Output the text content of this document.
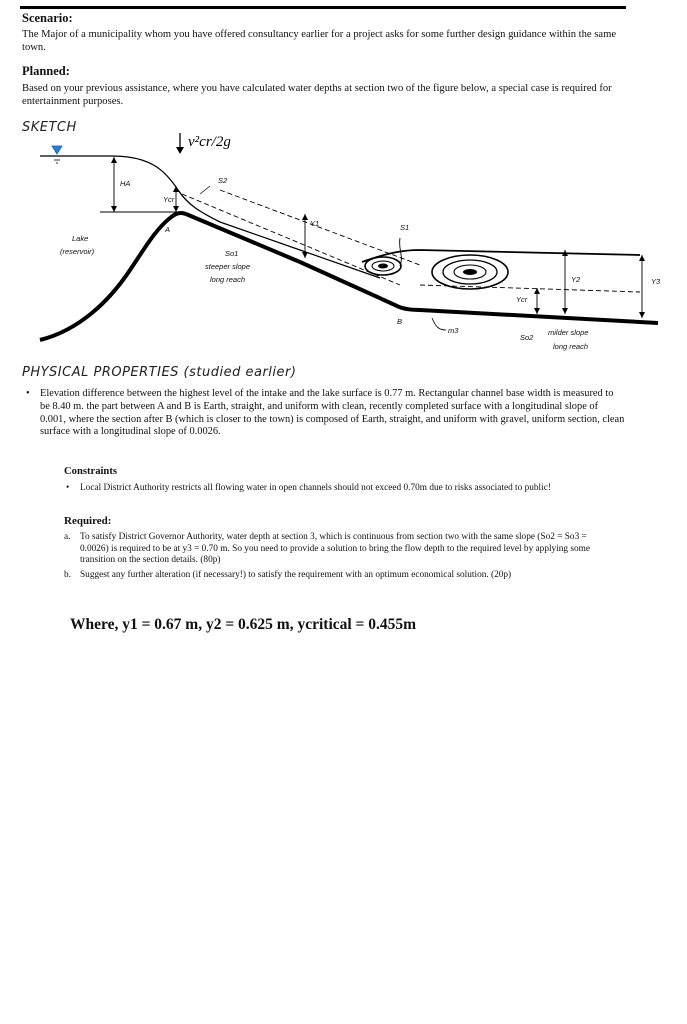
Scenario:
The Major of a municipality whom you have offered consultancy earlier for a project asks for some further design guidance within the same town.
Planned:
Based on your previous assistance, where you have calculated water depths at section two of the figure below, a special case is required for entertainment purposes.
SKETCH
v²cr/2g
HA
Ycr
S2
A
Y1	S1
Y2
Ycr
Y3
Lake
(reservoir)	So1
steeper slope
long reach
B
m3
So2
milder slope
long reach
PHYSICAL PROPERTIES (studied earlier)
• Elevation difference between the highest level of the intake and the lake surface is 0.77 m. Rectangular channel base width is measured to be 8.40 m. the part between A and B is Earth, straight, and uniform with clean, recently completed surface with a longitudinal slope of 0.001, where the section after B (which is closer to the town) is composed of Earth, straight, and uniform with gravel, uniform section, clean surface with a longitudinal slope of 0.0026.
Constraints
• Local District Authority restricts all flowing water in open channels should not exceed 0.70m due to risks associated to public!
Required:
a. To satisfy District Governor Authority, water depth at section 3, which is continuous from section two with the same slope (So2 = So3 = 0.0026) is required to be at y3 = 0.70 m. So you need to provide a solution to bring the flow depth to the required level by applying some transition on the section details. (80p)
b. Suggest any further alteration (if necessary!) to satisfy the requirement with an optimum economical solution. (20p)
Where, y1 = 0.67 m, y2 = 0.625 m, ycritical = 0.455m
